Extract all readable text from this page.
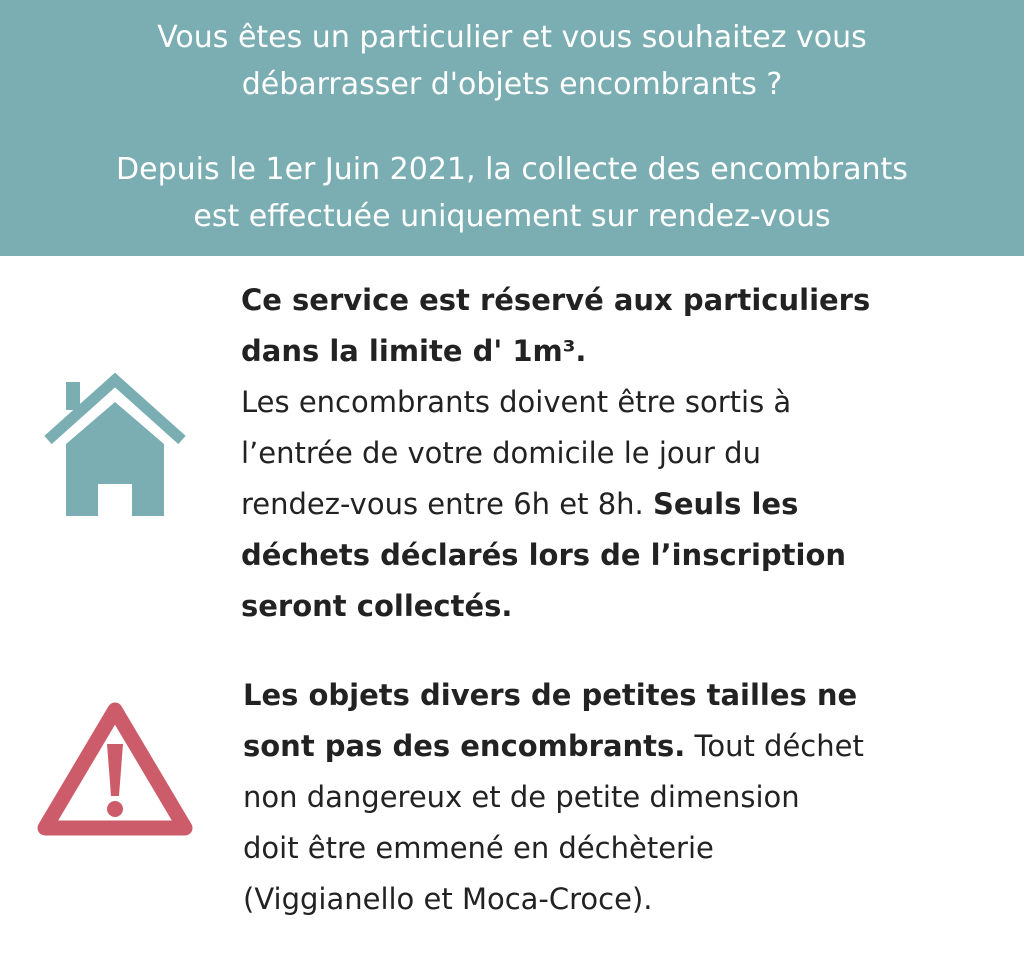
Vous êtes un particulier et vous souhaitez vous

débarrasser d'objets encombrants ?

Depuis le 1er Juin 2021, la collecte des encombrants

est effectuée uniquement sur rendez-vous

Ce service est réservé aux particuliers

dans la limite d' 1m³.

Les encombrants doivent être sortis à

l’entrée de votre domicile le jour du

rendez-vous entre 6h et 8h. Seuls les

déchets déclarés lors de l’inscription

seront collectés.

Les objets divers de petites tailles ne

sont pas des encombrants. Tout déchet

non dangereux et de petite dimension

doit être emmené en déchèterie

(Viggianello et Moca-Croce).
